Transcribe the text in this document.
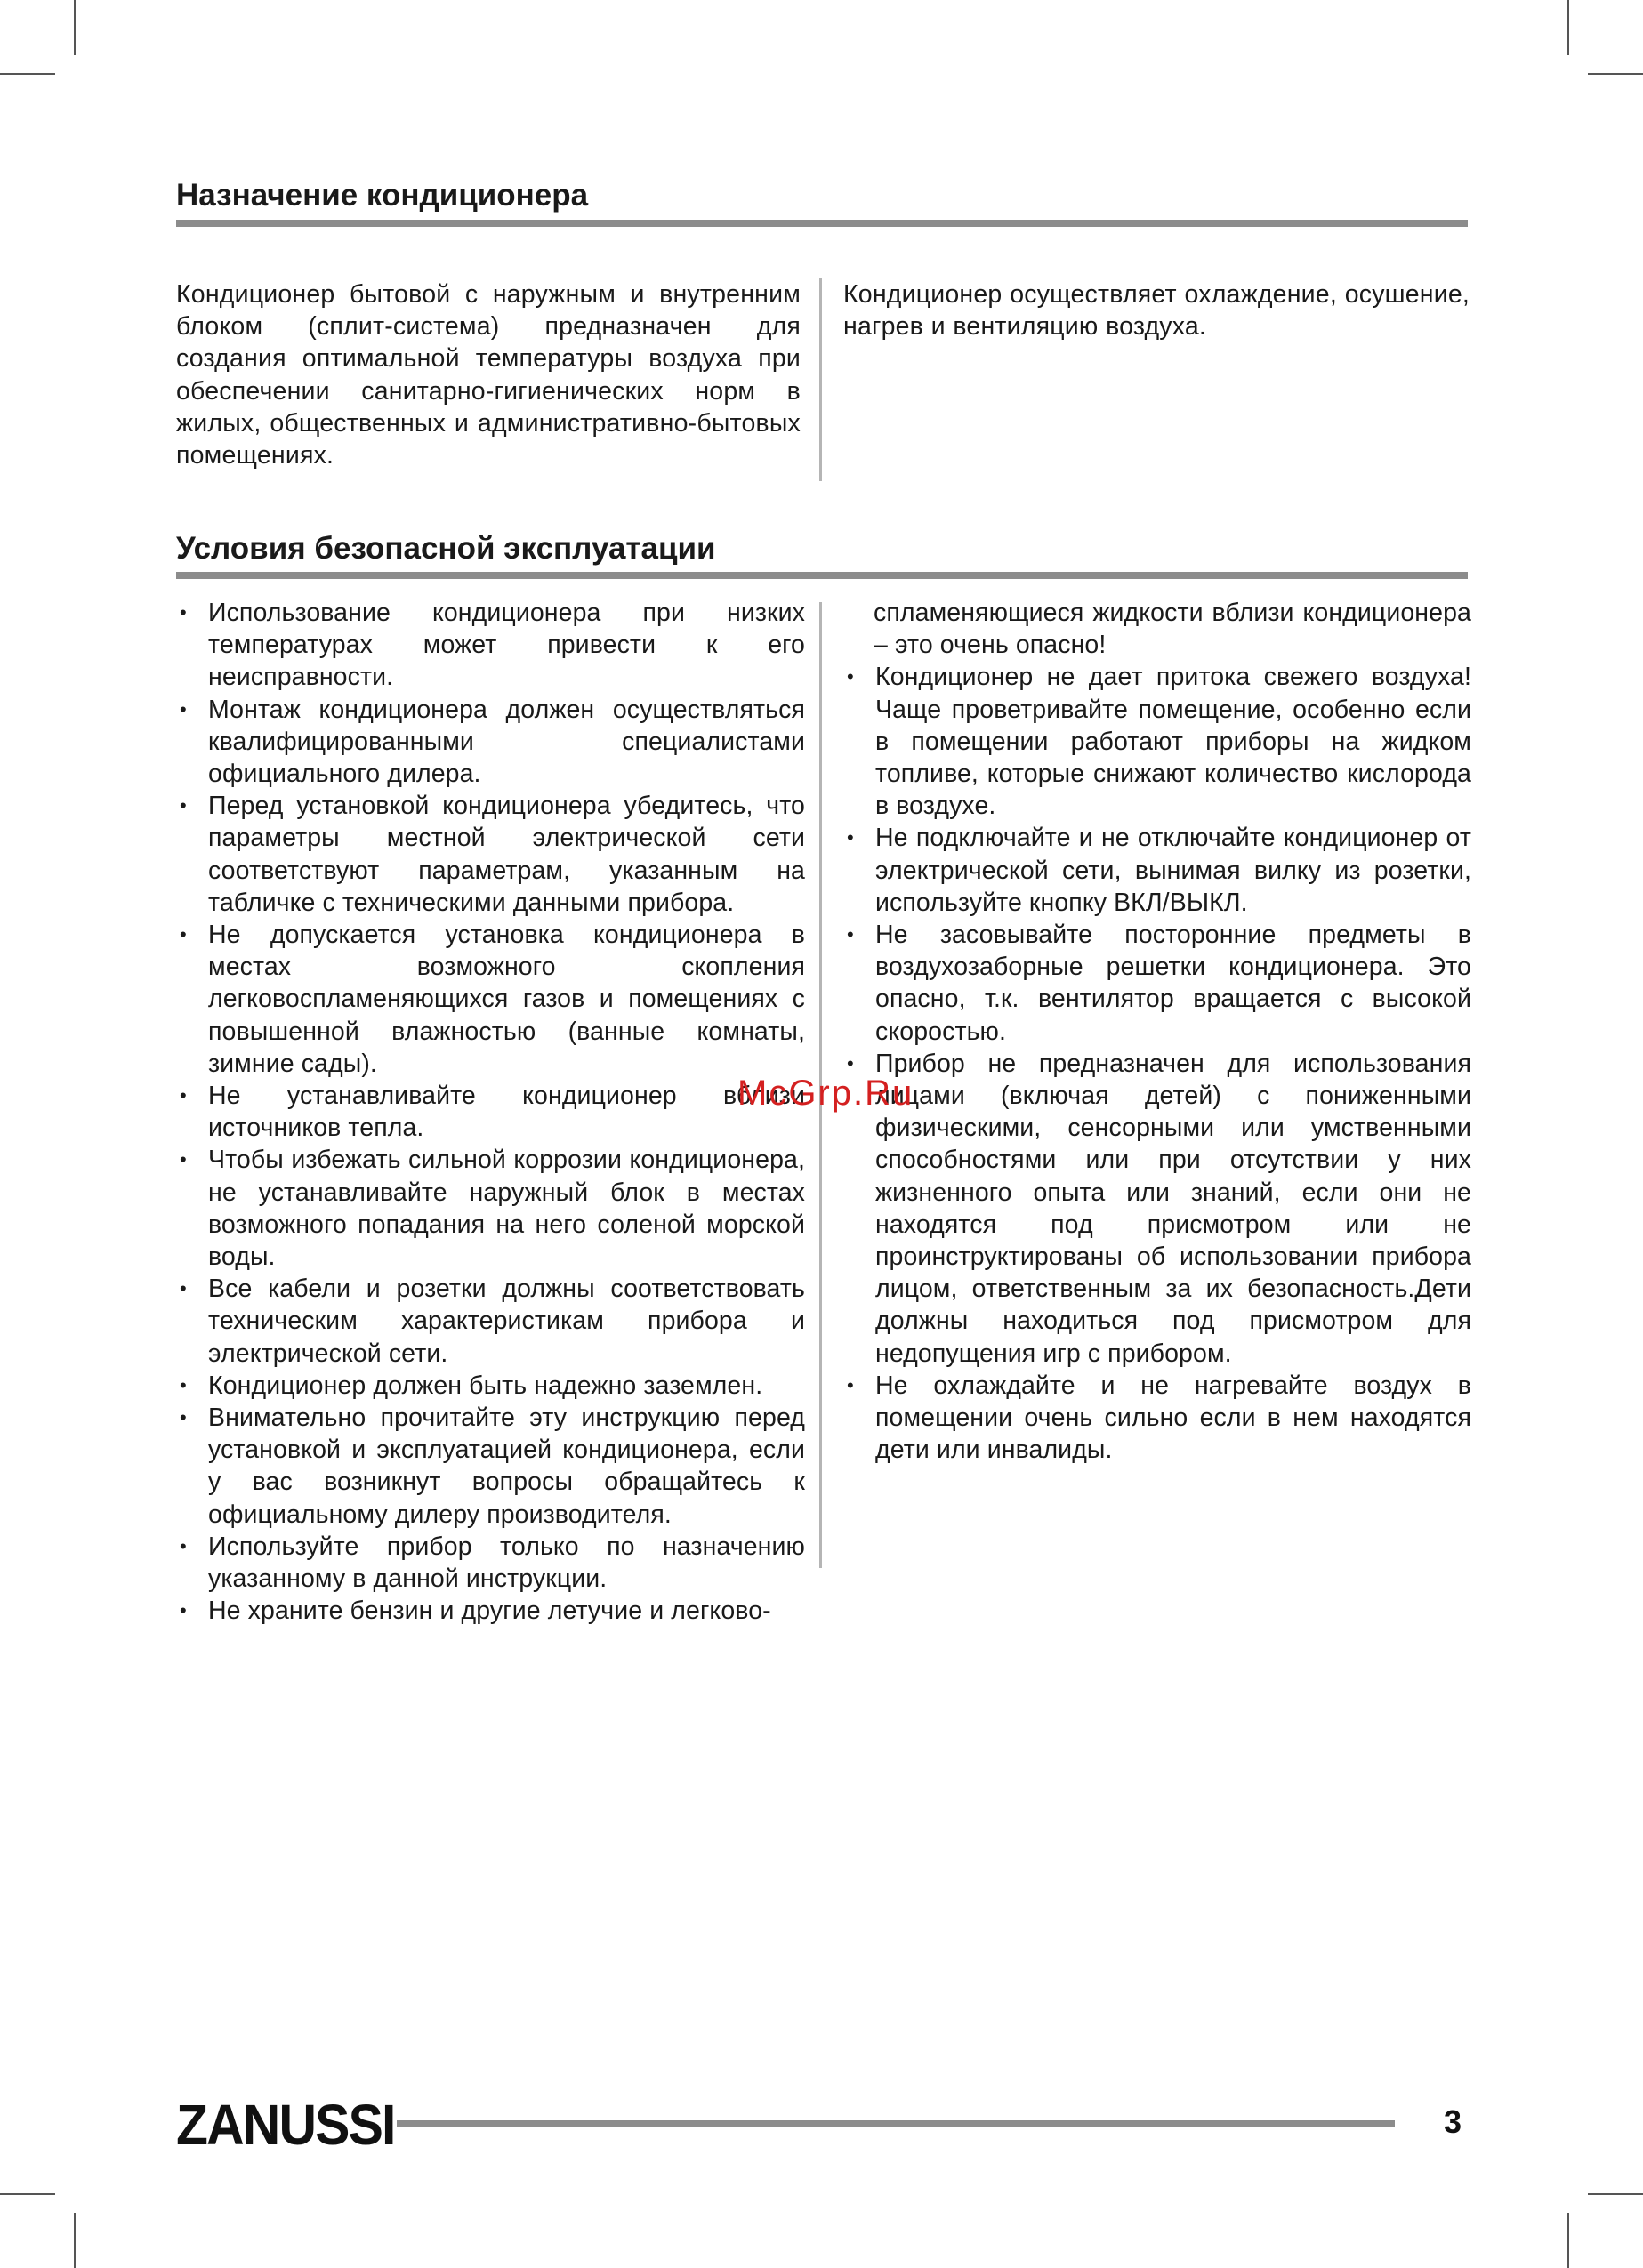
Назначение кондиционера

Кондиционер бытовой с наружным и внутренним блоком (сплит-система) предназначен для создания оптимальной температуры воздуха при обеспечении санитарно-гигиенических норм в жилых, общественных и административно-бытовых помещениях.

Кондиционер осуществляет охлаждение, осушение, нагрев и вентиляцию воздуха.

Условия безопасной эксплуатации
• Использование кондиционера при низких температурах может привести к его неисправности.
• Монтаж кондиционера должен осуществляться квалифицированными специалистами официального дилера.
• Перед установкой кондиционера убедитесь, что параметры местной электрической сети соответствуют параметрам, указанным на табличке с техническими данными прибора.
• Не допускается установка кондиционера в местах возможного скопления легковоспламеняющихся газов и помещениях с повышенной влажностью (ванные комнаты, зимние сады).
• Не устанавливайте кондиционер вблизи источников тепла.
• Чтобы избежать сильной коррозии кондиционера, не устанавливайте наружный блок в местах возможного попадания на него соленой морской воды.
• Все кабели и розетки должны соответствовать техническим характеристикам прибора и электрической сети.
• Кондиционер должен быть надежно заземлен.
• Внимательно прочитайте эту инструкцию перед установкой и эксплуатацией кондиционера, если у вас возникнут вопросы обращайтесь к официальному дилеру производителя.
• Используйте прибор только по назначению указанному в данной инструкции.
• Не храните бензин и другие летучие и легково-
спламеняющиеся жидкости вблизи кондиционера – это очень опасно!
• Кондиционер не дает притока свежего воздуха! Чаще проветривайте помещение, особенно если в помещении работают приборы на жидком топливе, которые снижают количество кислорода в воздухе.
• Не подключайте и не отключайте кондиционер от электрической сети, вынимая вилку из розетки, используйте кнопку ВКЛ/ВЫКЛ.
• Не засовывайте посторонние предметы в воздухозаборные решетки кондиционера. Это опасно, т.к. вентилятор вращается с высокой скоростью.
• Прибор не предназначен для использования лицами (включая детей) с пониженными физическими, сенсорными или умственными способностями или при отсутствии у них жизненного опыта или знаний, если они не находятся под присмотром или не проинструктированы об использовании прибора лицом, ответственным за их безопасность.Дети должны находиться под присмотром для недопущения игр с прибором.
• Не охлаждайте и не нагревайте воздух в помещении очень сильно если в нем находятся дети или инвалиды.
McGrp.Ru
ZANUSSI	3
